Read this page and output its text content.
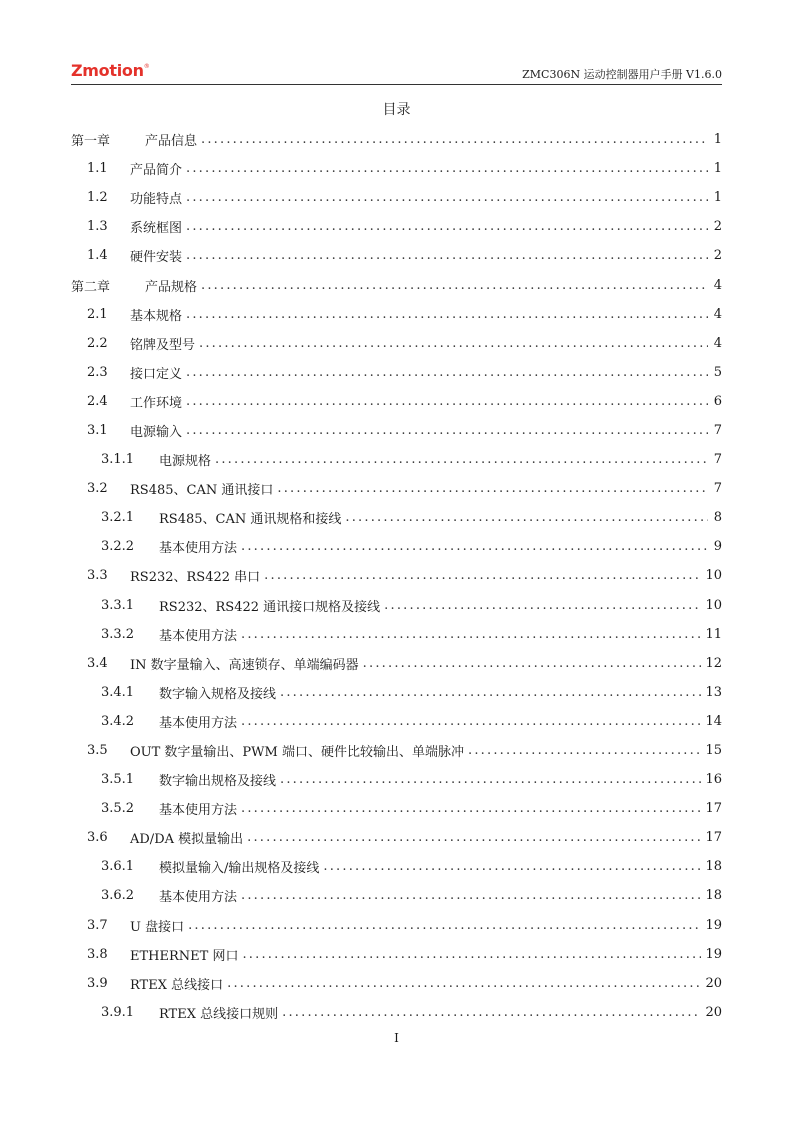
Zmotion®
ZMC306N 运动控制器用户手册 V1.6.0
目录
第一章	产品信息 .....	1
1.1	产品简介 .....	1
1.2	功能特点 .....	1
1.3	系统框图 .....	2
1.4	硬件安装 .....	2
第二章	产品规格 .....	4
2.1	基本规格 .....	4
2.2	铭牌及型号 .....	4
2.3	接口定义 .....	5
2.4	工作环境 .....	6
3.1	电源输入 .....	7
3.1.1	电源规格 .....	7
3.2	RS485、CAN 通讯接口 .....	7
3.2.1	RS485、CAN 通讯规格和接线 .....	8
3.2.2	基本使用方法 .....	9
3.3	RS232、RS422 串口 .....	10
3.3.1	RS232、RS422 通讯接口规格及接线 .....	10
3.3.2	基本使用方法 .....	11
3.4	IN 数字量输入、高速锁存、单端编码器 .....	12
3.4.1	数字输入规格及接线 .....	13
3.4.2	基本使用方法 .....	14
3.5	OUT 数字量输出、PWM 端口、硬件比较输出、单端脉冲 .....	15
3.5.1	数字输出规格及接线 .....	16
3.5.2	基本使用方法 .....	17
3.6	AD/DA 模拟量输出 .....	17
3.6.1	模拟量输入/输出规格及接线 .....	18
3.6.2	基本使用方法 .....	18
3.7	U 盘接口 .....	19
3.8	ETHERNET 网口 .....	19
3.9	RTEX 总线接口 .....	20
3.9.1	RTEX 总线接口规则 .....	20
I
